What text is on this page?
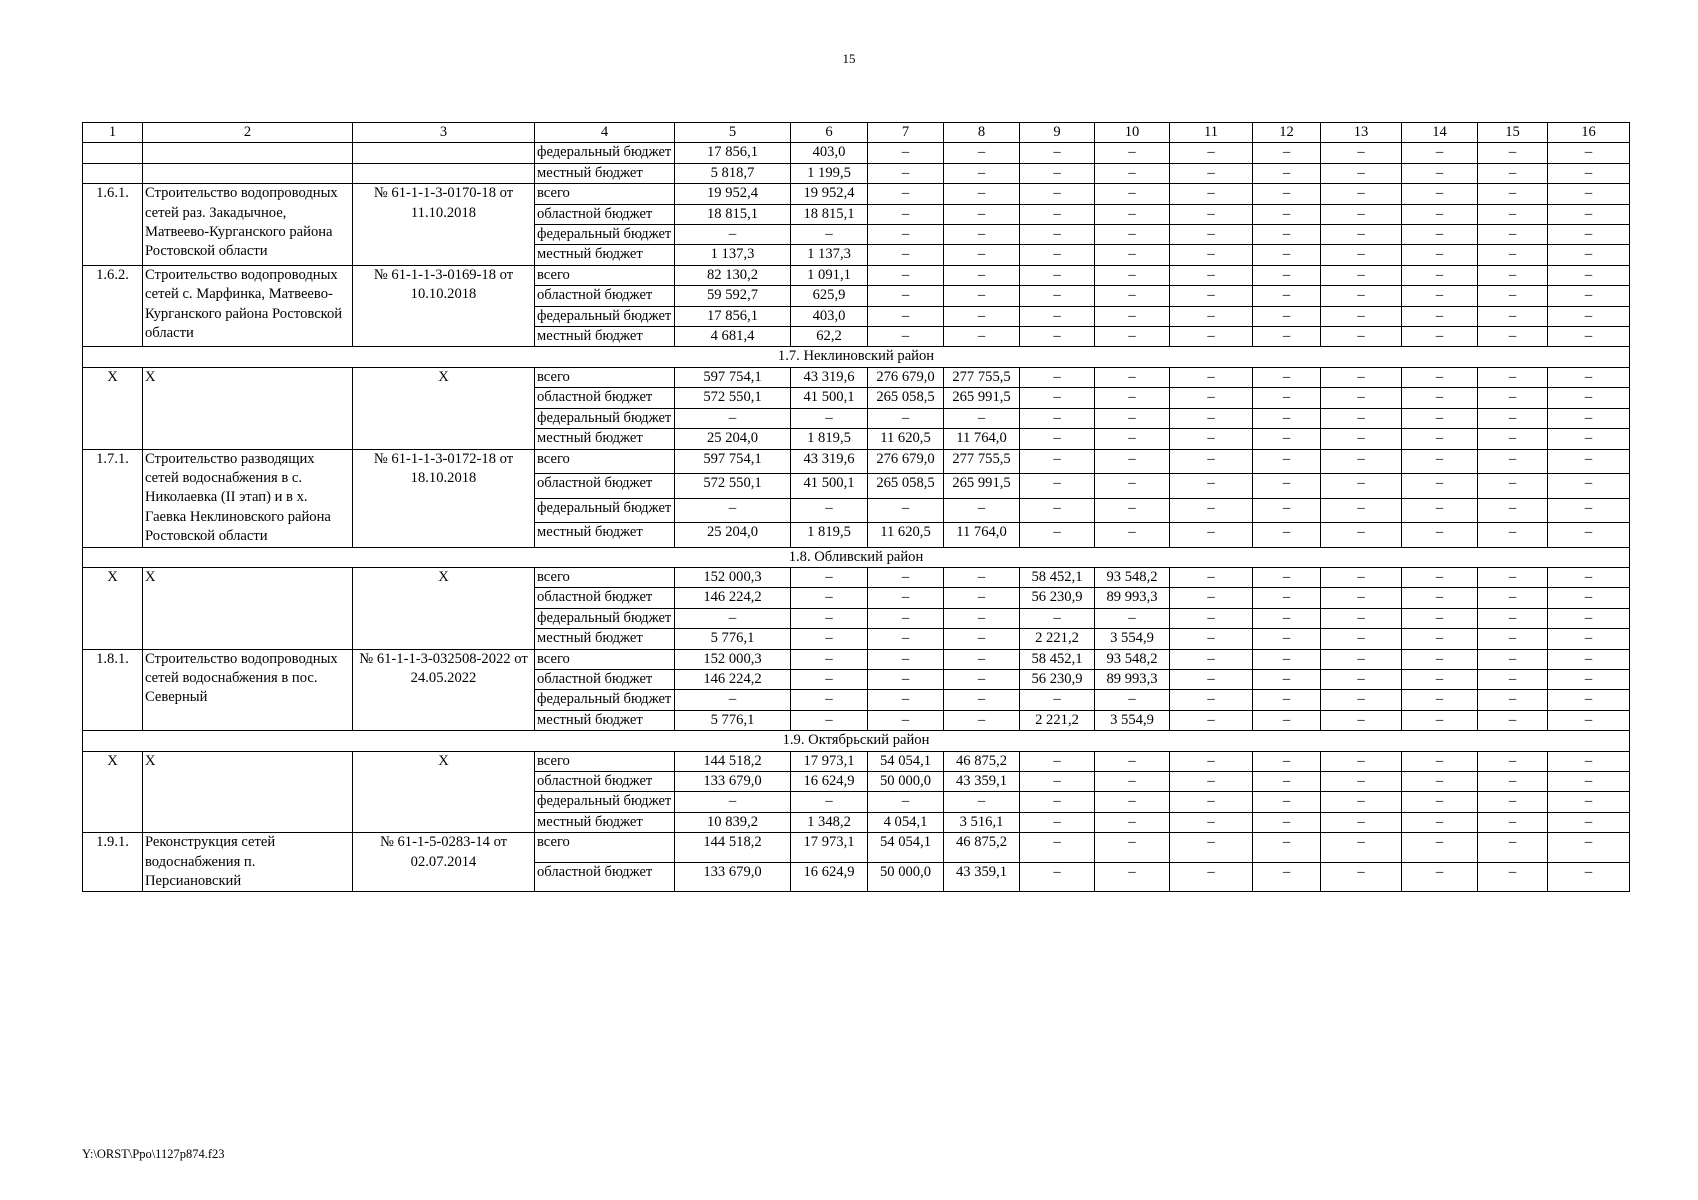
15
1	2	3	4	5	6	7	8	9	10	11	12	13	14	15	16
			федеральный бюджет	17 856,1	403,0	–	–	–	–	–	–	–	–	–	–
			местный бюджет	5 818,7	1 199,5	–	–	–	–	–	–	–	–	–	–
1.6.1.	Строительство водопроводных сетей раз. Закадычное, Матвеево-Курганского района Ростовской области	№ 61-1-1-3-0170-18 от 11.10.2018	всего	19 952,4	19 952,4	–	–	–	–	–	–	–	–	–	–
			областной бюджет	18 815,1	18 815,1	–	–	–	–	–	–	–	–	–	–
			федеральный бюджет	–	–	–	–	–	–	–	–	–	–	–	–
			местный бюджет	1 137,3	1 137,3	–	–	–	–	–	–	–	–	–	–
1.6.2.	Строительство водопроводных сетей с. Марфинка, Матвеево-Курганского района Ростовской области	№ 61-1-1-3-0169-18 от 10.10.2018	всего	82 130,2	1 091,1	–	–	–	–	–	–	–	–	–	–
			областной бюджет	59 592,7	625,9	–	–	–	–	–	–	–	–	–	–
			федеральный бюджет	17 856,1	403,0	–	–	–	–	–	–	–	–	–	–
			местный бюджет	4 681,4	62,2	–	–	–	–	–	–	–	–	–	–
1.7. Неклиновский район															
X	X	X	всего	597 754,1	43 319,6	276 679,0	277 755,5	–	–	–	–	–	–	–	–
			областной бюджет	572 550,1	41 500,1	265 058,5	265 991,5	–	–	–	–	–	–	–	–
			федеральный бюджет	–	–	–	–	–	–	–	–	–	–	–	–
			местный бюджет	25 204,0	1 819,5	11 620,5	11 764,0	–	–	–	–	–	–	–	–
1.7.1.	Строительство разводящих сетей водоснабжения в с. Николаевка (II этап) и в х. Гаевка Неклиновского района Ростовской области	№ 61-1-1-3-0172-18 от 18.10.2018	всего	597 754,1	43 319,6	276 679,0	277 755,5	–	–	–	–	–	–	–	–
			областной бюджет	572 550,1	41 500,1	265 058,5	265 991,5	–	–	–	–	–	–	–	–
			федеральный бюджет	–	–	–	–	–	–	–	–	–	–	–	–
			местный бюджет	25 204,0	1 819,5	11 620,5	11 764,0	–	–	–	–	–	–	–	–
1.8. Обливский район															
X	X	X	всего	152 000,3	–	–	–	58 452,1	93 548,2	–	–	–	–	–	–
			областной бюджет	146 224,2	–	–	–	56 230,9	89 993,3	–	–	–	–	–	–
			федеральный бюджет	–	–	–	–	–	–	–	–	–	–	–	–
			местный бюджет	5 776,1	–	–	–	2 221,2	3 554,9	–	–	–	–	–	–
1.8.1.	Строительство водопроводных сетей водоснабжения в пос. Северный	№ 61-1-1-3-032508-2022 от 24.05.2022	всего	152 000,3	–	–	–	58 452,1	93 548,2	–	–	–	–	–	–
			областной бюджет	146 224,2	–	–	–	56 230,9	89 993,3	–	–	–	–	–	–
			федеральный бюджет	–	–	–	–	–	–	–	–	–	–	–	–
			местный бюджет	5 776,1	–	–	–	2 221,2	3 554,9	–	–	–	–	–	–
1.9. Октябрьский район															
X	X	X	всего	144 518,2	17 973,1	54 054,1	46 875,2	–	–	–	–	–	–	–	–
			областной бюджет	133 679,0	16 624,9	50 000,0	43 359,1	–	–	–	–	–	–	–	–
			федеральный бюджет	–	–	–	–	–	–	–	–	–	–	–	–
			местный бюджет	10 839,2	1 348,2	4 054,1	3 516,1	–	–	–	–	–	–	–	–
1.9.1.	Реконструкция сетей водоснабжения п. Персиановский	№ 61-1-5-0283-14 от 02.07.2014	всего	144 518,2	17 973,1	54 054,1	46 875,2	–	–	–	–	–	–	–	–
			областной бюджет	133 679,0	16 624,9	50 000,0	43 359,1	–	–	–	–	–	–	–	–
Y:\ORST\Ppo\1127p874.f23
